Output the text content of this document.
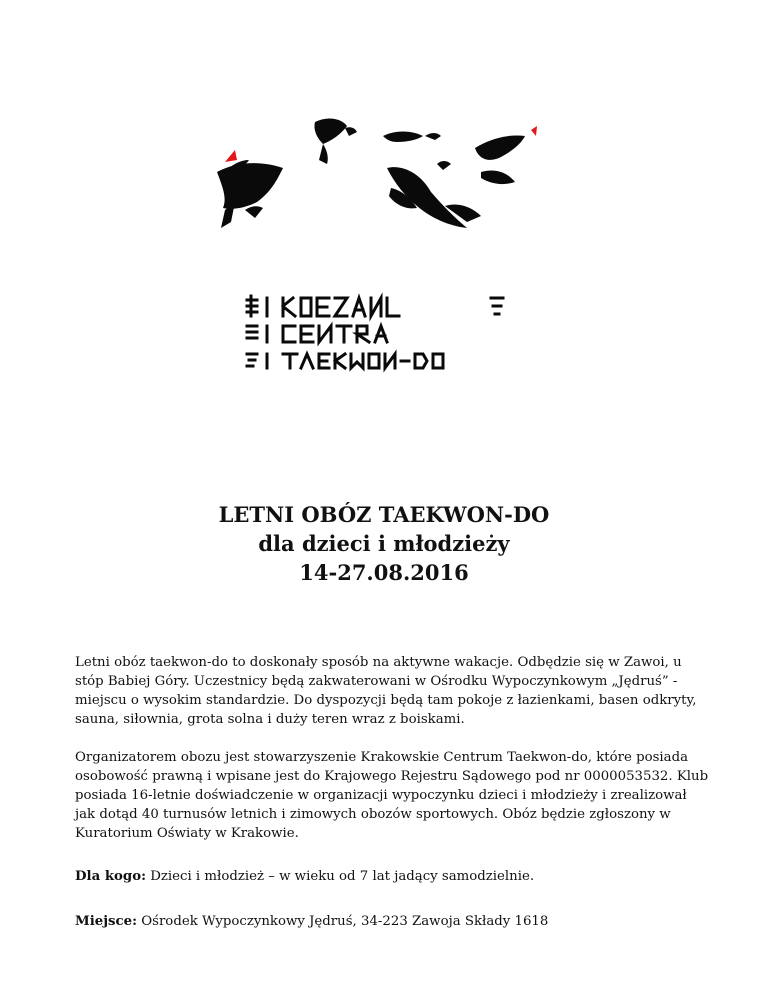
KRAKOWSKIE
LETNI OBÓZ TAEKWON-DO
dla dzieci i młodzieży
14-27.08.2016

Letni obóz taekwon-do to doskonały sposób na aktywne wakacje. Odbędzie się w Zawoi, u stóp Babiej Góry. Uczestnicy będą zakwaterowani w Ośrodku Wypoczynkowym „Jędruś” - miejscu o wysokim standardzie. Do dyspozycji będą tam pokoje z łazienkami, basen odkryty, sauna, siłownia, grota solna i duży teren wraz z boiskami.

Organizatorem obozu jest stowarzyszenie Krakowskie Centrum Taekwon-do, które posiada osobowość prawną i wpisane jest do Krajowego Rejestru Sądowego pod nr 0000053532. Klub posiada 16-letnie doświadczenie w organizacji wypoczynku dzieci i młodzieży i zrealizował jak dotąd 40 turnusów letnich i zimowych obozów sportowych. Obóz będzie zgłoszony w Kuratorium Oświaty w Krakowie.

Dla kogo: Dzieci i młodzież – w wieku od 7 lat jadący samodzielnie.

Miejsce: Ośrodek Wypoczynkowy Jędruś, 34-223 Zawoja Składy 1618
